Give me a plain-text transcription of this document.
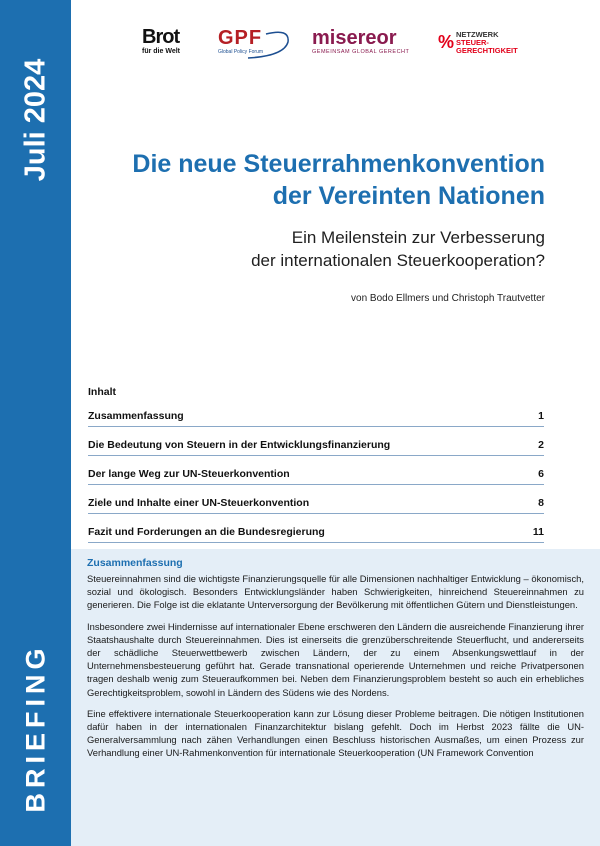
Juli 2024
BRIEFING
Brot
für die Welt
GPF
Global Policy Forum
misereor
GEMEINSAM GLOBAL GERECHT	% NETZWERK
STEUER-
GERECHTIGKEIT
Die neue Steuerrahmenkonvention
der Vereinten Nationen
Ein Meilenstein zur Verbesserung
der internationalen Steuerkooperation?
von Bodo Ellmers und Christoph Trautvetter
Inhalt
Zusammenfassung	1
Die Bedeutung von Steuern in der Entwicklungsfinanzierung	2
Der lange Weg zur UN-Steuerkonvention	6
Ziele und Inhalte einer UN-Steuerkonvention	8
Fazit und Forderungen an die Bundesregierung	11
Zusammenfassung

Steuereinnahmen sind die wichtigste Finanzierungsquelle für alle Dimensionen nachhaltiger Entwicklung – ökonomisch, sozial und ökologisch. Besonders Entwicklungsländer haben Schwierigkeiten, hinreichend Steuereinnahmen zu generieren. Die Folge ist die eklatante Unterversorgung der Bevölkerung mit öffentlichen Gütern und Dienstleistungen.

Insbesondere zwei Hindernisse auf internationaler Ebene erschweren den Ländern die ausreichende Finanzierung ihrer Staatshaushalte durch Steuereinnahmen. Dies ist einerseits die grenzüberschreitende Steuerflucht, und andererseits der schädliche Steuerwettbewerb zwischen Ländern, der zu einem Absenkungswettlauf in der Unternehmensbesteuerung geführt hat. Gerade transnational operierende Unternehmen und reiche Privatpersonen tragen deshalb wenig zum Steueraufkommen bei. Neben dem Finanzierungsproblem besteht so auch ein erhebliches Gerechtigkeitsproblem, sowohl in Ländern des Südens wie des Nordens.

Eine effektivere internationale Steuerkooperation kann zur Lösung dieser Probleme beitragen. Die nötigen Institutionen dafür haben in der internationalen Finanzarchitektur bislang gefehlt. Doch im Herbst 2023 fällte die UN-Generalversammlung nach zähen Verhandlungen einen Beschluss historischen Ausmaßes, um einen Prozess zur Verhandlung einer UN-Rahmenkonvention für internationale Steuerkooperation (UN Framework Convention
